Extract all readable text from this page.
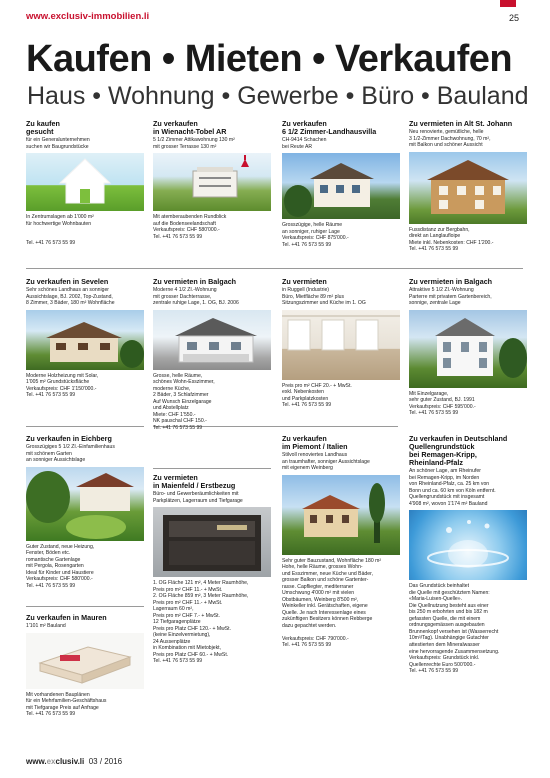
www.exclusiv-immobilien.li	25
Kaufen • Mieten • Verkaufen
Haus • Wohnung • Gewerbe • Büro • Bauland
Zu kaufen
gesucht
für ein Generalunternehmen
suchen wir Baugrundstücke
In Zentrumslagen ab 1'000 m²
für hochwertige Wohnbauten

Tel. +41 76 573 55 99
Zu verkaufen
in Wienacht-Tobel AR
5 1/2 Zimmer Attikawohnung 130 m²
mit grosser Terrasse 130 m²
Mit atemberaubenden Rundblick
auf die Bodenseelandschaft
Verkaufspreis: CHF 580'000.-
Tel. +41 76 573 55 99
Zu verkaufen
6 1/2 Zimmer-Landhausvilla
CH-9414 Schachen
bei Reute AR
Grosszügige, helle Räume
an sonniger, ruhiger Lage
Verkaufspreis: CHF 875'000.-
Tel. +41 76 573 55 99
Zu vermieten in Alt St. Johann
Neu renovierte, gemütliche, helle
3 1/2-Zimmer Dachwohnung, 70 m²,
mit Balkon und schöner Aussicht
Fussdistanz zur Bergbahn,
direkt an Langlaufloipe
Miete inkl. Nebenkosten: CHF 1'200.-
Tel. +41 76 573 55 99
Zu verkaufen in Sevelen
Sehr schönes Landhaus an sonniger
Aussichtslage, BJ. 2002, Top-Zustand,
8 Zimmer, 3 Bäder, 180 m² Wohnfläche
Moderne Holzheizung mit Solar,
1'005 m² Grundstücksfläche
Verkaufspreis: CHF 1'150'000.-
Tel. +41 76 573 55 99
Zu vermieten in Balgach
Moderne 4 1/2 ZI.-Wohnung
mit grosser Dachterrasse,
zentrale ruhige Lage, 1. OG, BJ. 2006
Grosse, helle Räume,
schönes Wohn-Esszimmer,
moderne Küche,
2 Bäder, 3 Schlafzimmer
Auf Wunsch Einzelgarage
und Abstellplatz
Miete: CHF 1'550.-
NK pauschal CHF 150.-
Tel. +41 76 573 55 99
Zu vermieten
in Ruggell (Industrie)
Büro, Mietfläche 89 m² plus
Sitzungszimmer und Küche im 1. OG
Preis pro m² CHF 20.- + MwSt.
exkl. Nebenkosten
und Parkplatzkosten
Tel. +41 76 573 55 99
Zu vermieten in Balgach
Attraktive 5 1/2 ZI.-Wohnung
Parterre mit privatem Gartenbereich,
sonnige, zentrale Lage
Mit Einzelgarage,
sehr guter Zustand, BJ. 1991
Verkaufspreis: CHF 595'000.-
Tel. +41 76 573 55 99
Zu verkaufen in Eichberg
Grosszügiges 5 1/2 ZI.-Einfamilienhaus
mit schönem Garten
an sonniger Aussichtslage
Guter Zustand, neue Heizung,
Fenster, Böden etc.
romantische Gartenlage
mit Pergola, Rosengarten
Ideal für Kinder und Haustiere
Verkaufspreis: CHF 580'000.-
Tel. +41 76 573 55 99
Zu vermieten
in Maienfeld / Erstbezug
Büro- und Gewerberäumlichkeiten mit
Parkplätzen, Lagerraum und Tiefgarage
1. OG Fläche 121 m², 4 Meter Raumhöhe,
Preis pro m² CHF 11.- + MwSt.
2. OG Fläche 859 m², 3 Meter Raumhöhe,
Preis pro m² CHF 11.- + MwSt.
Lagerraum 60 m²,
Preis pro m² CHF 7.- + MwSt.
12 Tiefgaragenplätze
Preis pro Platz CHF 120.- + MwSt.
(keine Einzelvermietung),
24 Aussenplätze
in Kombination mit Mietobjekt,
Preis pro Platz CHF 60.- + MwSt.
Tel. +41 76 573 55 99
Zu verkaufen
im Piemont / Italien
Stilvoll renoviertes Landhaus
an traumhafter, sonniger Aussichtslage
mit eigenem Weinberg
Sehr guter Bauzustand, Wohnfläche 180 m²
Hohe, helle Räume, grosses Wohn-
und Esszimmer, neue Küche und Bäder,
grosser Balkon und schöne Gartenter-
rasse. Capfliegter, mediterraner
Umschwung 4'000 m² mit vielen
Obstbäumen, Weinberg 8'500 m²,
Weinkeller inkl. Gerätschaften, eigene
Quelle. Je nach Interessenlage eines
zukünftigen Besitzers können Rebberge
dazu gepachtet werden.

Verkaufspreis: CHF 790'000.-
Tel. +41 76 573 55 99
Zu verkaufen in Deutschland
Quellengrundstück
bei Remagen-Kripp,
Rheinland-Pfalz
An schöner Lage, am Rheinufer
bei Remagen-Kripp, im Norden
von Rheinland-Pfalz, ca. 25 km von
Bonn und ca. 60 km von Köln entfernt.
Quellengrundstück mit insgesamt
4'908 m², wovon 1'174 m² Bauland
Das Grundstück beinhaltet
die Quelle mit geschütztem Namen:
«Maria-Luisen-Quelle».
Die Quellnutzung besteht aus einer
bis 250 m erbohrten und bis 182 m
gefassten Quelle, die mit einem
ordnungsgemässen ausgebauten
Brunnenkopf versehen ist (Wasserrecht
10m³/Tag). Unabhängige Gutachter
attestierten dem Mineralwasser
eine hervorragende Zusammensetzung.
Verkaufspreis: Grundstück inkl.
Quellenrechte Euro 500'000.-
Tel. +41 76 573 55 99
Zu verkaufen in Mauren
1'101 m² Bauland
Mit vorhandenen Bauplänen
für ein Mehrfamilien-Geschäftshaus
mit Tiefgarage Preis auf Anfrage
Tel. +41 76 573 55 99
www.exclusiv.li 03 / 2016
